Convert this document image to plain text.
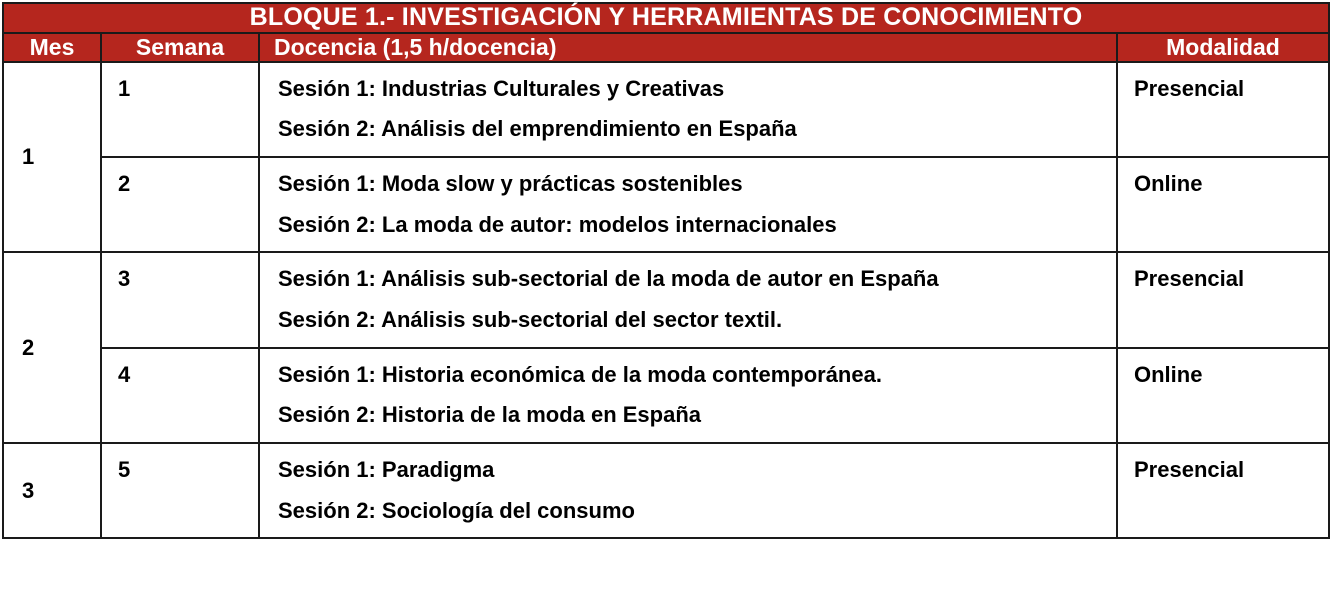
BLOQUE 1.- INVESTIGACIÓN Y HERRAMIENTAS DE CONOCIMIENTO			

Mes	Semana	Docencia (1,5 h/docencia)	Modalidad
1	1	Sesión 1: Industrias Culturales y Creativas
Sesión 2: Análisis del emprendimiento en España	Presencial
	2	Sesión 1: Moda slow y prácticas sostenibles
Sesión 2: La moda de autor: modelos internacionales	Online
2	3	Sesión 1: Análisis sub-sectorial de la moda de autor en España
Sesión 2: Análisis sub-sectorial del sector textil.	Presencial
	4	Sesión 1: Historia económica de la moda contemporánea.
Sesión 2: Historia de la moda en España	Online
3	5	Sesión 1: Paradigma
Sesión 2: Sociología del consumo	Presencial
